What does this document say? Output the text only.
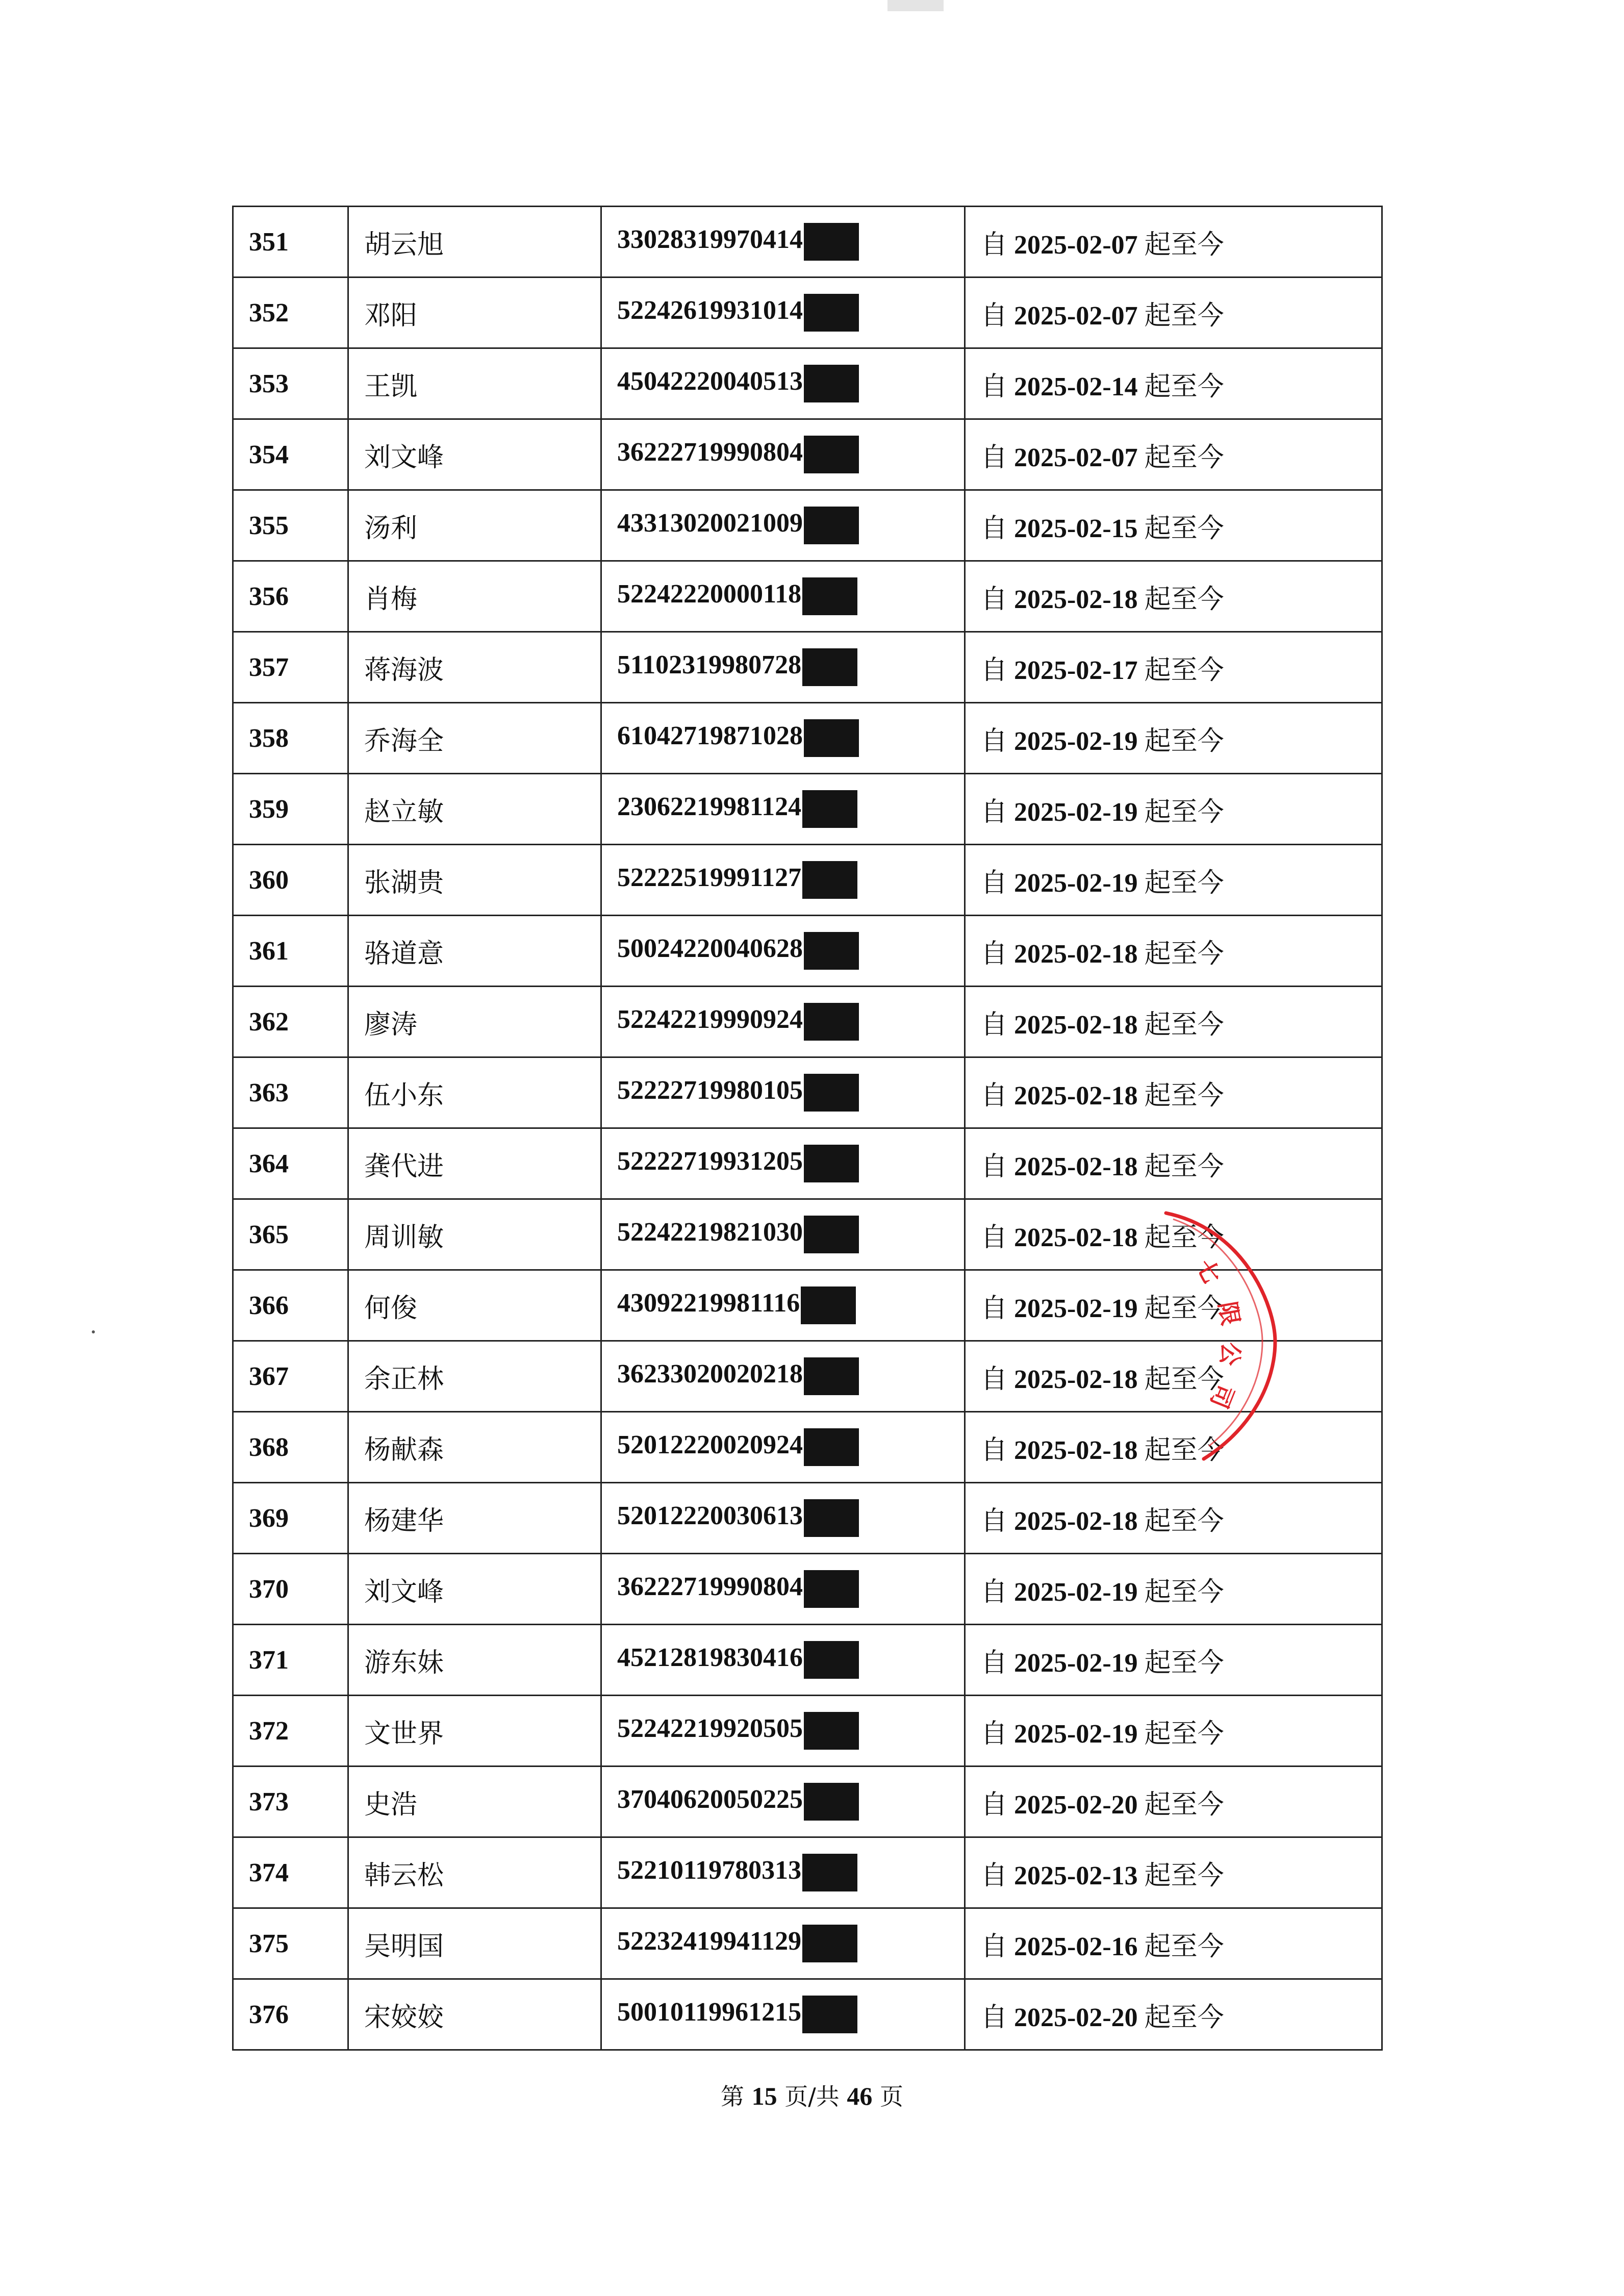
351	胡云旭	33028319970414	自 2025-02-07 起至今
352	邓阳	52242619931014	自 2025-02-07 起至今
353	王凯	45042220040513	自 2025-02-14 起至今
354	刘文峰	36222719990804	自 2025-02-07 起至今
355	汤利	43313020021009	自 2025-02-15 起至今
356	肖梅	52242220000118	自 2025-02-18 起至今
357	蒋海波	51102319980728	自 2025-02-17 起至今
358	乔海全	61042719871028	自 2025-02-19 起至今
359	赵立敏	23062219981124	自 2025-02-19 起至今
360	张湖贵	52222519991127	自 2025-02-19 起至今
361	骆道意	50024220040628	自 2025-02-18 起至今
362	廖涛	52242219990924	自 2025-02-18 起至今
363	伍小东	52222719980105	自 2025-02-18 起至今
364	龚代进	52222719931205	自 2025-02-18 起至今
365	周训敏	52242219821030	自 2025-02-18 起至今
366	何俊	43092219981116	自 2025-02-19 起至今
367	余正林	36233020020218	自 2025-02-18 起至今
368	杨献森	52012220020924	自 2025-02-18 起至今
369	杨建华	52012220030613	自 2025-02-18 起至今
370	刘文峰	36222719990804	自 2025-02-19 起至今
371	游东妹	45212819830416	自 2025-02-19 起至今
372	文世界	52242219920505	自 2025-02-19 起至今
373	史浩	37040620050225	自 2025-02-20 起至今
374	韩云松	52210119780313	自 2025-02-13 起至今
375	吴明国	52232419941129	自 2025-02-16 起至今
376	宋姣姣	50010119961215	自 2025-02-20 起至今
七
限
公
司
第 15 页/共 46 页
